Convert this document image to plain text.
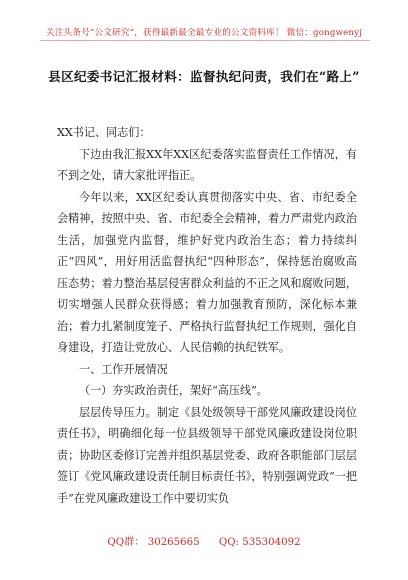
关注头条号“公文研究”，获得最新最全最专业的公文资料库！ 微信：gongwenyj
县区纪委书记汇报材料：监督执纪问责，我们在“路上”

XX书记、同志们：

下边由我汇报XX年XX区纪委落实监督责任工作情况，有不到之处，请大家批评指正。

今年以来，XX区纪委认真贯彻落实中央、省、市纪委全会精神，按照中央、省、市纪委全会精神，着力严肃党内政治生活，加强党内监督，维护好党内政治生态；着力持续纠正“四风”，用好用活监督执纪“四种形态”，保持惩治腐败高压态势；着力整治基层侵害群众利益的不正之风和腐败问题，切实增强人民群众获得感；着力加强教育预防，深化标本兼治；着力扎紧制度笼子、严格执行监督执纪工作规则，强化自身建设，打造让党放心、人民信赖的执纪铁军。

一、工作开展情况

（一）夯实政治责任，架好“高压线”。

层层传导压力。制定《县处级领导干部党风廉政建设岗位责任书》，明确细化每一位县级领导干部党风廉政建设岗位职责；协助区委修订完善并组织基层党委、政府各职能部门层层签订《党风廉政建设责任制目标责任书》，特别强调党政“一把手”在党风廉政建设工作中要切实负

QQ群： 30265665 QQ: 535304092
